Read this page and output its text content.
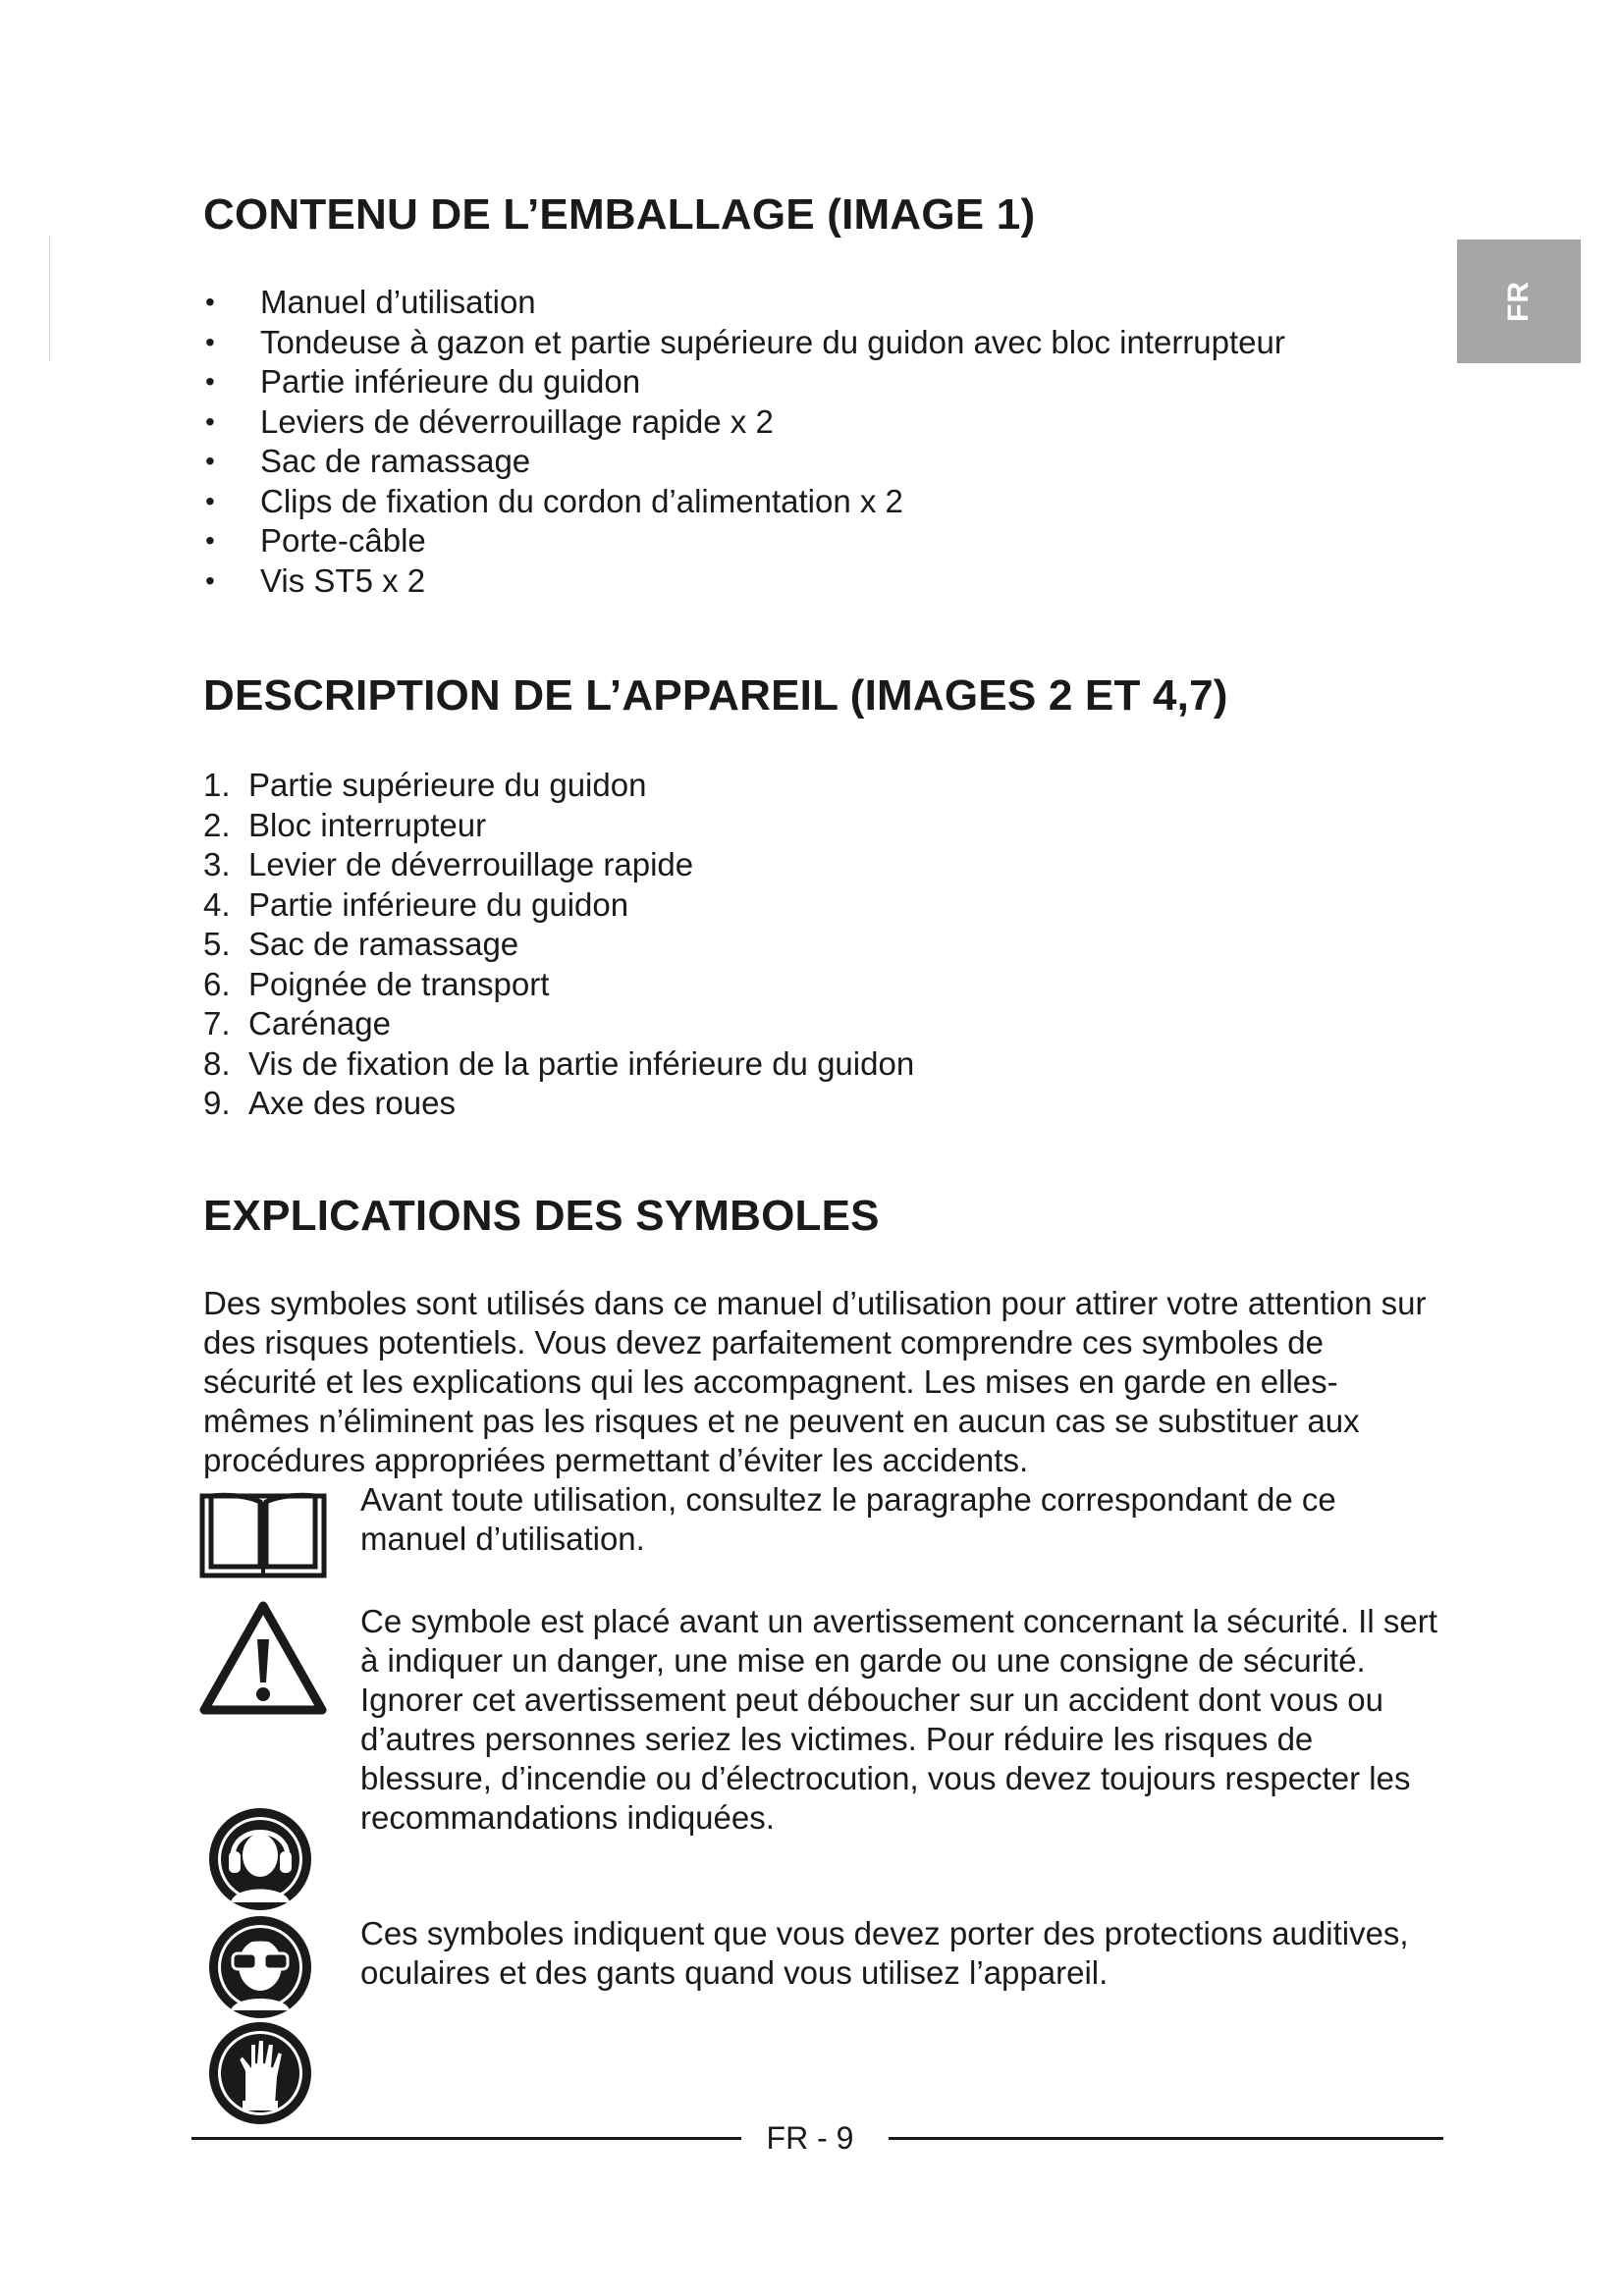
FR
CONTENU DE L’EMBALLAGE (IMAGE 1)
• Manuel d’utilisation
• Tondeuse à gazon et partie supérieure du guidon avec bloc interrupteur
• Partie inférieure du guidon
• Leviers de déverrouillage rapide x 2
• Sac de ramassage
• Clips de fixation du cordon d’alimentation x 2
• Porte-câble
• Vis ST5 x 2
DESCRIPTION DE L’APPAREIL (IMAGES 2 ET 4,7)
1. Partie supérieure du guidon
2. Bloc interrupteur
3. Levier de déverrouillage rapide
4. Partie inférieure du guidon
5. Sac de ramassage
6. Poignée de transport
7. Carénage
8. Vis de fixation de la partie inférieure du guidon
9. Axe des roues
EXPLICATIONS DES SYMBOLES

Des symboles sont utilisés dans ce manuel d’utilisation pour attirer votre attention sur des risques potentiels. Vous devez parfaitement comprendre ces symboles de sécurité et les explications qui les accompagnent. Les mises en garde en elles-mêmes n’éliminent pas les risques et ne peuvent en aucun cas se substituer aux procédures appropriées permettant d’éviter les accidents.

Avant toute utilisation, consultez le paragraphe correspondant de ce manuel d’utilisation.

Ce symbole est placé avant un avertissement concernant la sécurité. Il sert à indiquer un danger, une mise en garde ou une consigne de sécurité. Ignorer cet avertissement peut déboucher sur un accident dont vous ou d’autres personnes seriez les victimes. Pour réduire les risques de blessure, d’incendie ou d’électrocution, vous devez toujours respecter les recommandations indiquées.

Ces symboles indiquent que vous devez porter des protections auditives, oculaires et des gants quand vous utilisez l’appareil.

FR - 9
